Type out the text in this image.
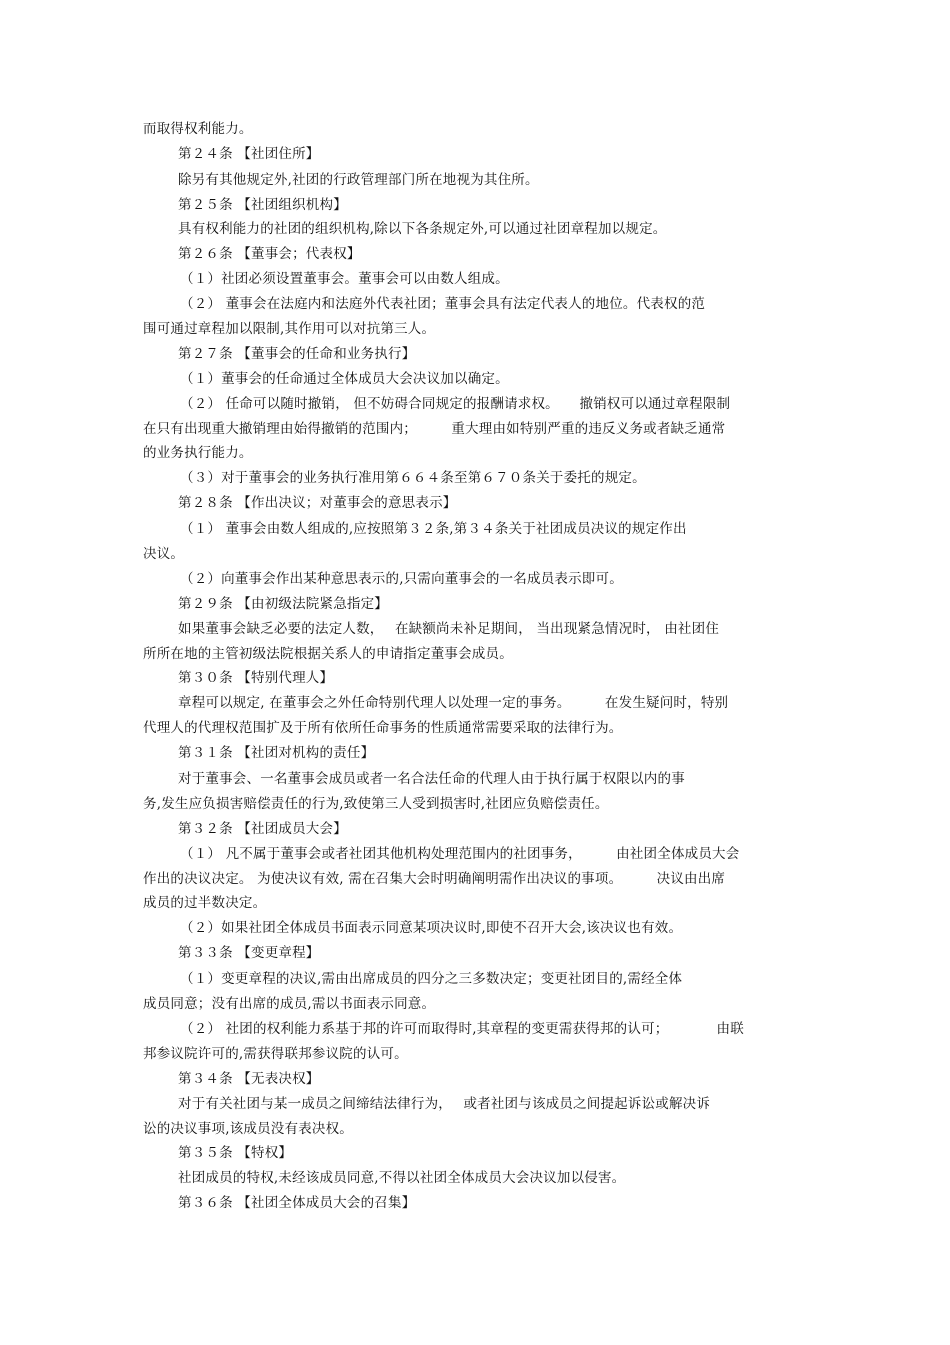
而取得权利能力。
第２４条 【社团住所】
除另有其他规定外,社团的行政管理部门所在地视为其住所。
第２５条 【社团组织机构】
具有权利能力的社团的组织机构,除以下各条规定外,可以通过社团章程加以规定。
第２６条 【董事会；代表权】
（１）社团必须设置董事会。董事会可以由数人组成。
（２） 董事会在法庭内和法庭外代表社团；董事会具有法定代表人的地位。代表权的范
围可通过章程加以限制,其作用可以对抗第三人。
第２７条 【董事会的任命和业务执行】
（１）董事会的任命通过全体成员大会决议加以确定。
（２） 任命可以随时撤销， 但不妨碍合同规定的报酬请求权。　　撤销权可以通过章程限制
在只有出现重大撤销理由始得撤销的范围内；　　　重大理由如特别严重的违反义务或者缺乏通常
的业务执行能力。
（３）对于董事会的业务执行准用第６６４条至第６７０条关于委托的规定。
第２８条 【作出决议；对董事会的意思表示】
（１） 董事会由数人组成的,应按照第３２条,第３４条关于社团成员决议的规定作出
决议。
（２）向董事会作出某种意思表示的,只需向董事会的一名成员表示即可。
第２９条 【由初级法院紧急指定】
如果董事会缺乏必要的法定人数，　 在缺额尚未补足期间， 当出现紧急情况时， 由社团住
所所在地的主管初级法院根据关系人的申请指定董事会成员。
第３０条 【特别代理人】
章程可以规定, 在董事会之外任命特别代理人以处理一定的事务。　　　在发生疑问时，特别
代理人的代理权范围扩及于所有依所任命事务的性质通常需要采取的法律行为。
第３１条 【社团对机构的责任】
对于董事会、一名董事会成员或者一名合法任命的代理人由于执行属于权限以内的事
务,发生应负损害赔偿责任的行为,致使第三人受到损害时,社团应负赔偿责任。
第３２条 【社团成员大会】
（１） 凡不属于董事会或者社团其他机构处理范围内的社团事务，　　　由社团全体成员大会
作出的决议决定。 为使决议有效, 需在召集大会时明确阐明需作出决议的事项。　　　决议由出席
成员的过半数决定。
（２）如果社团全体成员书面表示同意某项决议时,即使不召开大会,该决议也有效。
第３３条 【变更章程】
（１）变更章程的决议,需由出席成员的四分之三多数决定；变更社团目的,需经全体
成员同意；没有出席的成员,需以书面表示同意。
（２） 社团的权利能力系基于邦的许可而取得时,其章程的变更需获得邦的认可；　　　　由联
邦参议院许可的,需获得联邦参议院的认可。
第３４条 【无表决权】
对于有关社团与某一成员之间缔结法律行为，　 或者社团与该成员之间提起诉讼或解决诉
讼的决议事项,该成员没有表决权。
第３５条 【特权】
社团成员的特权,未经该成员同意,不得以社团全体成员大会决议加以侵害。
第３６条 【社团全体成员大会的召集】
